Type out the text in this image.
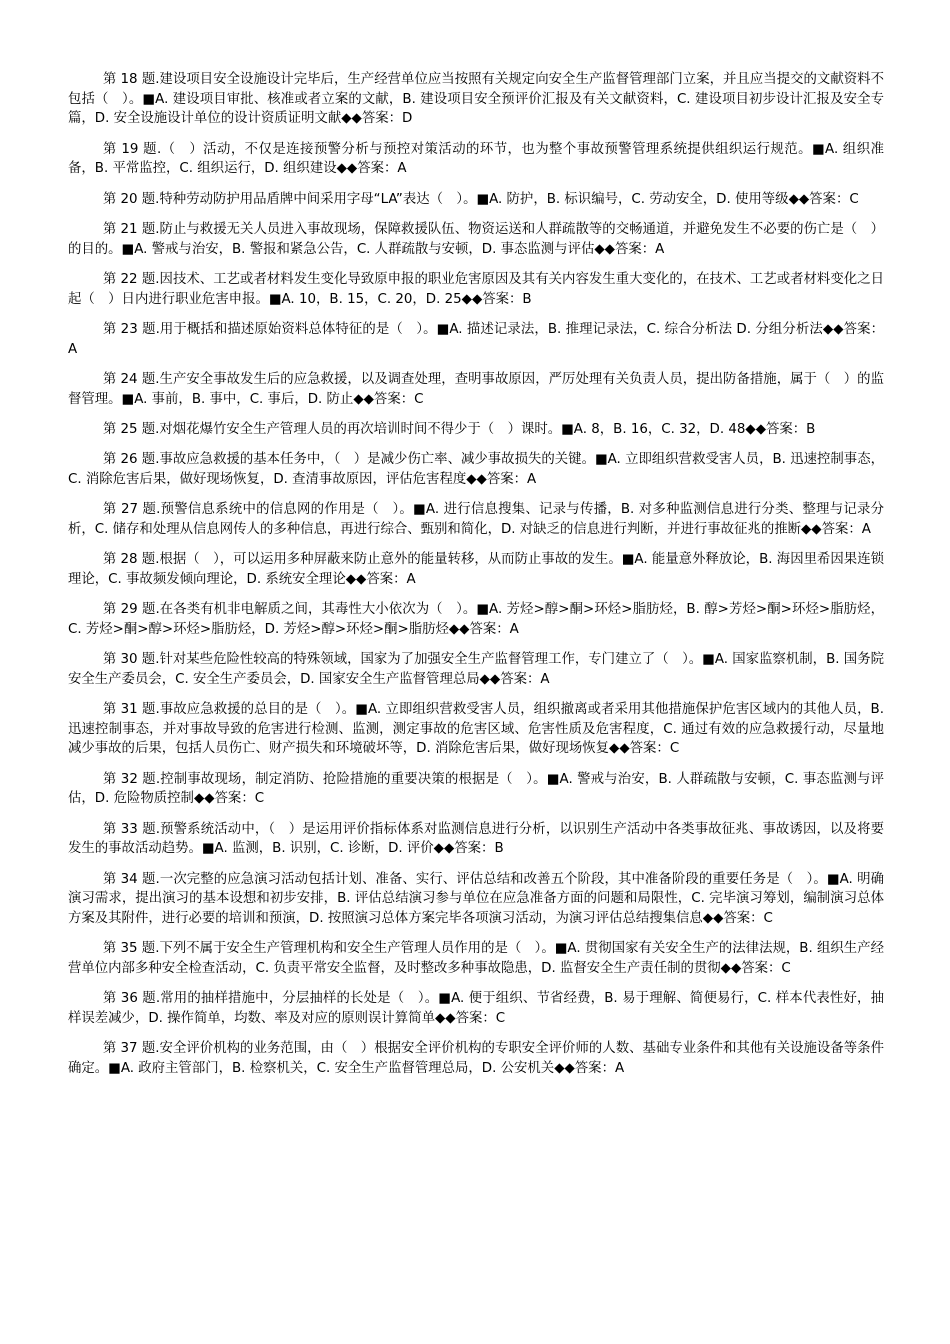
第 18 题.建设项目安全设施设计完毕后，生产经营单位应当按照有关规定向安全生产监督管理部门立案，并且应当提交的文献资料不包括（　）。■A. 建设项目审批、核准或者立案的文献，B. 建设项目安全预评价汇报及有关文献资料，C. 建设项目初步设计汇报及安全专篇，D. 安全设施设计单位的设计资质证明文献◆◆答案：D

第 19 题.（　）活动，不仅是连接预警分析与预控对策活动的环节，也为整个事故预警管理系统提供组织运行规范。■A. 组织准备，B. 平常监控，C. 组织运行，D. 组织建设◆◆答案：A

第 20 题.特种劳动防护用品盾牌中间采用字母“LA”表达（　）。■A. 防护，B. 标识编号，C. 劳动安全，D. 使用等级◆◆答案：C

第 21 题.防止与救援无关人员进入事故现场，保障救援队伍、物资运送和人群疏散等的交畅通道，并避免发生不必要的伤亡是（　）的目的。■A. 警戒与治安，B. 警报和紧急公告，C. 人群疏散与安顿，D. 事态监测与评估◆◆答案：A

第 22 题.因技术、工艺或者材料发生变化导致原申报的职业危害原因及其有关内容发生重大变化的，在技术、工艺或者材料变化之日起（　）日内进行职业危害申报。■A. 10，B. 15，C. 20，D. 25◆◆答案：B

第 23 题.用于概括和描述原始资料总体特征的是（　）。■A. 描述记录法，B. 推理记录法，C. 综合分析法 D. 分组分析法◆◆答案：A

第 24 题.生产安全事故发生后的应急救援，以及调查处理，查明事故原因，严厉处理有关负责人员，提出防备措施，属于（　）的监督管理。■A. 事前，B. 事中，C. 事后，D. 防止◆◆答案：C

第 25 题.对烟花爆竹安全生产管理人员的再次培训时间不得少于（　）课时。■A. 8，B. 16，C. 32，D. 48◆◆答案：B

第 26 题.事故应急救援的基本任务中，（　）是减少伤亡率、减少事故损失的关键。■A. 立即组织营救受害人员，B. 迅速控制事态，C. 消除危害后果，做好现场恢复，D. 查清事故原因，评估危害程度◆◆答案：A

第 27 题.预警信息系统中的信息网的作用是（　）。■A. 进行信息搜集、记录与传播，B. 对多种监测信息进行分类、整理与记录分析，C. 储存和处理从信息网传人的多种信息，再进行综合、甄别和简化，D. 对缺乏的信息进行判断，并进行事故征兆的推断◆◆答案：A

第 28 题.根据（　），可以运用多种屏蔽来防止意外的能量转移，从而防止事故的发生。■A. 能量意外释放论，B. 海因里希因果连锁理论，C. 事故频发倾向理论，D. 系统安全理论◆◆答案：A

第 29 题.在各类有机非电解质之间，其毒性大小依次为（　）。■A. 芳烃>醇>酮>环烃>脂肪烃，B. 醇>芳烃>酮>环烃>脂肪烃，C. 芳烃>酮>醇>环烃>脂肪烃，D. 芳烃>醇>环烃>酮>脂肪烃◆◆答案：A

第 30 题.针对某些危险性较高的特殊领域，国家为了加强安全生产监督管理工作，专门建立了（　）。■A. 国家监察机制，B. 国务院安全生产委员会，C. 安全生产委员会，D. 国家安全生产监督管理总局◆◆答案：A

第 31 题.事故应急救援的总目的是（　）。■A. 立即组织营救受害人员，组织撤离或者采用其他措施保护危害区域内的其他人员，B. 迅速控制事态，并对事故导致的危害进行检测、监测，测定事故的危害区域、危害性质及危害程度，C. 通过有效的应急救援行动，尽量地减少事故的后果，包括人员伤亡、财产损失和环境破坏等，D. 消除危害后果，做好现场恢复◆◆答案：C

第 32 题.控制事故现场，制定消防、抢险措施的重要决策的根据是（　）。■A. 警戒与治安，B. 人群疏散与安顿，C. 事态监测与评估，D. 危险物质控制◆◆答案：C

第 33 题.预警系统活动中，（　）是运用评价指标体系对监测信息进行分析，以识别生产活动中各类事故征兆、事故诱因，以及将要发生的事故活动趋势。■A. 监测，B. 识别，C. 诊断，D. 评价◆◆答案：B

第 34 题.一次完整的应急演习活动包括计划、准备、实行、评估总结和改善五个阶段，其中准备阶段的重要任务是（　）。■A. 明确演习需求，提出演习的基本设想和初步安排，B. 评估总结演习参与单位在应急准备方面的问题和局限性，C. 完毕演习筹划，编制演习总体方案及其附件，进行必要的培训和预演，D. 按照演习总体方案完毕各项演习活动，为演习评估总结搜集信息◆◆答案：C

第 35 题.下列不属于安全生产管理机构和安全生产管理人员作用的是（　）。■A. 贯彻国家有关安全生产的法律法规，B. 组织生产经营单位内部多种安全检查活动，C. 负责平常安全监督，及时整改多种事故隐患，D. 监督安全生产责任制的贯彻◆◆答案：C

第 36 题.常用的抽样措施中，分层抽样的长处是（　）。■A. 便于组织、节省经费，B. 易于理解、简便易行，C. 样本代表性好，抽样误差减少，D. 操作简单，均数、率及对应的原则误计算简单◆◆答案：C

第 37 题.安全评价机构的业务范围，由（　）根据安全评价机构的专职安全评价师的人数、基础专业条件和其他有关设施设备等条件确定。■A. 政府主管部门，B. 检察机关，C. 安全生产监督管理总局，D. 公安机关◆◆答案：A
